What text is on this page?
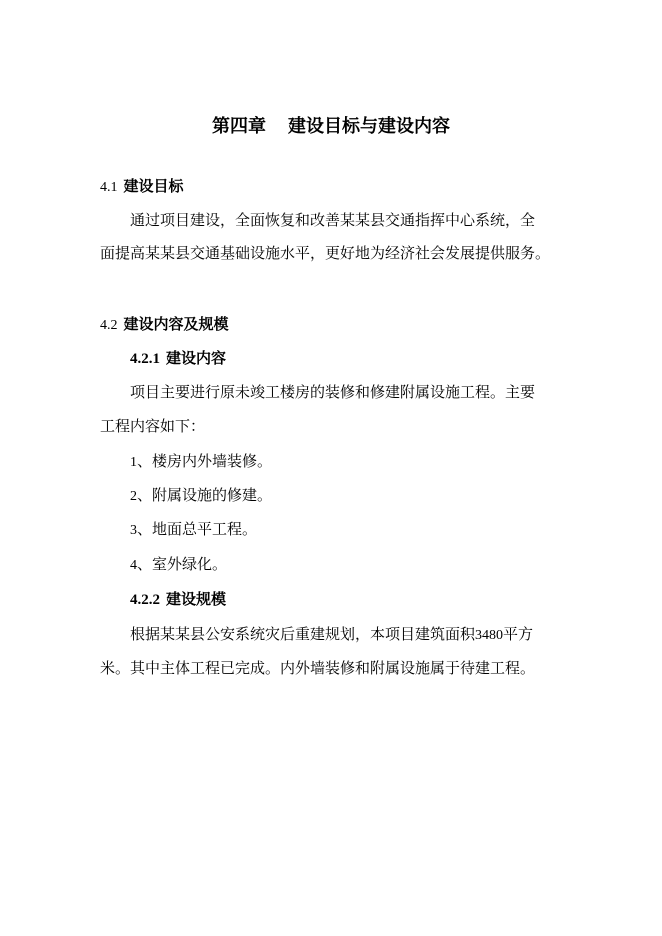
第四章 建设目标与建设内容
4.1 建设目标
通过项目建设，全面恢复和改善某某县交通指挥中心系统，全
面提高某某县交通基础设施水平，更好地为经济社会发展提供服务。
4.2 建设内容及规模
4.2.1 建设内容
项目主要进行原未竣工楼房的装修和修建附属设施工程。主要
工程内容如下：
1、楼房内外墙装修。
2、附属设施的修建。
3、地面总平工程。
4、室外绿化。
4.2.2 建设规模
根据某某县公安系统灾后重建规划，本项目建筑面积3480平方
米。其中主体工程已完成。内外墙装修和附属设施属于待建工程。
